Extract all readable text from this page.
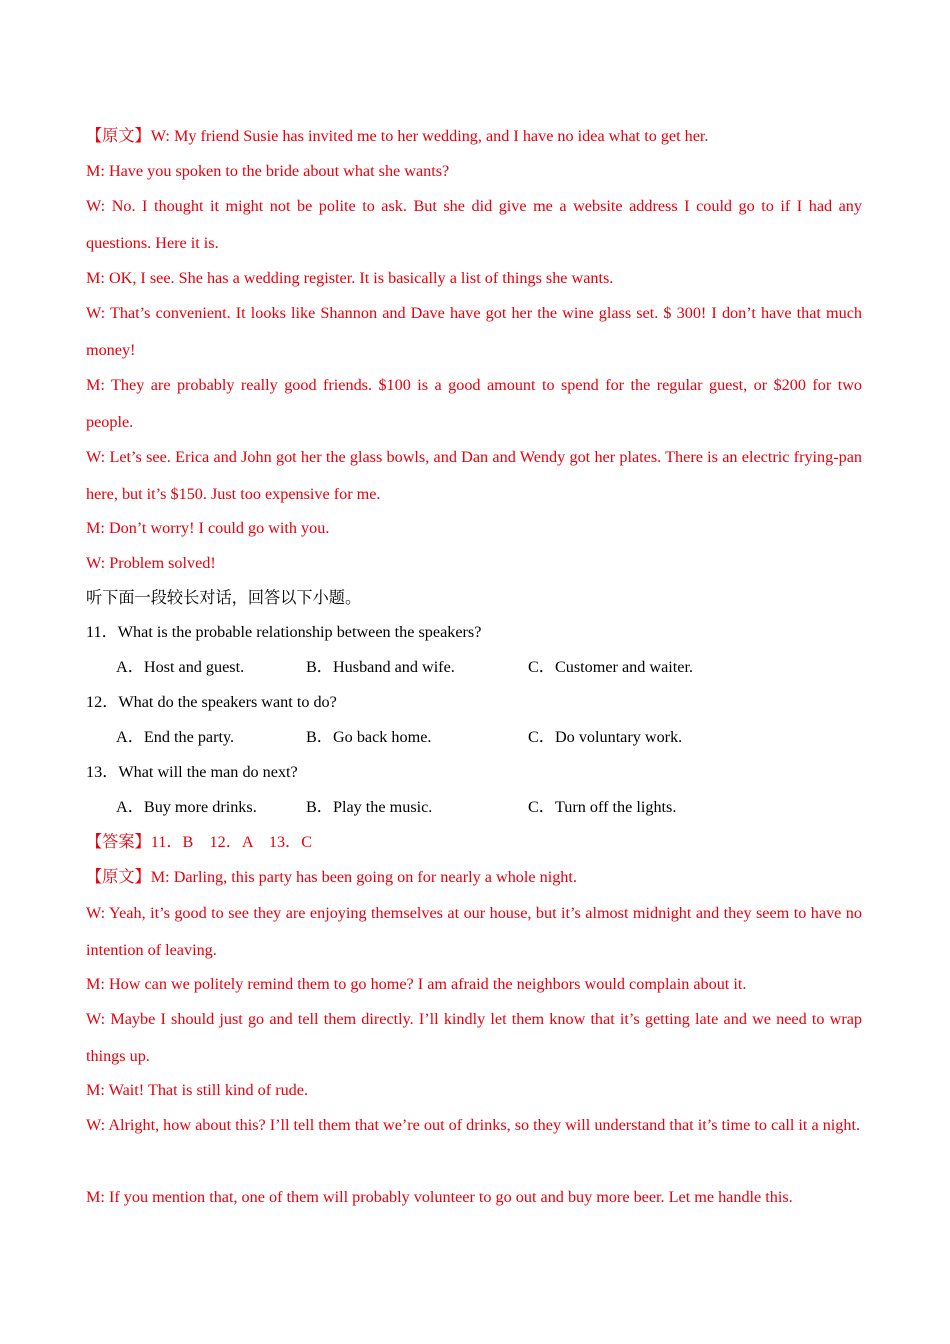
【原文】W: My friend Susie has invited me to her wedding, and I have no idea what to get her.
M: Have you spoken to the bride about what she wants?
W: No. I thought it might not be polite to ask. But she did give me a website address I could go to if I had any questions. Here it is.
M: OK, I see. She has a wedding register. It is basically a list of things she wants.
W: That’s convenient. It looks like Shannon and Dave have got her the wine glass set. $ 300! I don’t have that much money!
M: They are probably really good friends. $100 is a good amount to spend for the regular guest, or $200 for two people.
W: Let’s see. Erica and John got her the glass bowls, and Dan and Wendy got her plates. There is an electric frying-pan here, but it’s $150. Just too expensive for me.
M: Don’t worry! I could go with you.
W: Problem solved!
听下面一段较长对话，回答以下小题。
11．What is the probable relationship between the speakers?
A．Host and guest.	B．Husband and wife.	C．Customer and waiter.
12．What do the speakers want to do?
A．End the party.	B．Go back home.	C．Do voluntary work.
13．What will the man do next?
A．Buy more drinks.	B．Play the music.	C．Turn off the lights.
【答案】11．B　12．A　13．C
【原文】M: Darling, this party has been going on for nearly a whole night.
W: Yeah, it’s good to see they are enjoying themselves at our house, but it’s almost midnight and they seem to have no intention of leaving.
M: How can we politely remind them to go home? I am afraid the neighbors would complain about it.
W: Maybe I should just go and tell them directly. I’ll kindly let them know that it’s getting late and we need to wrap things up.
M: Wait! That is still kind of rude.
W: Alright, how about this? I’ll tell them that we’re out of drinks, so they will understand that it’s time to call it a night.
M: If you mention that, one of them will probably volunteer to go out and buy more beer. Let me handle this.
